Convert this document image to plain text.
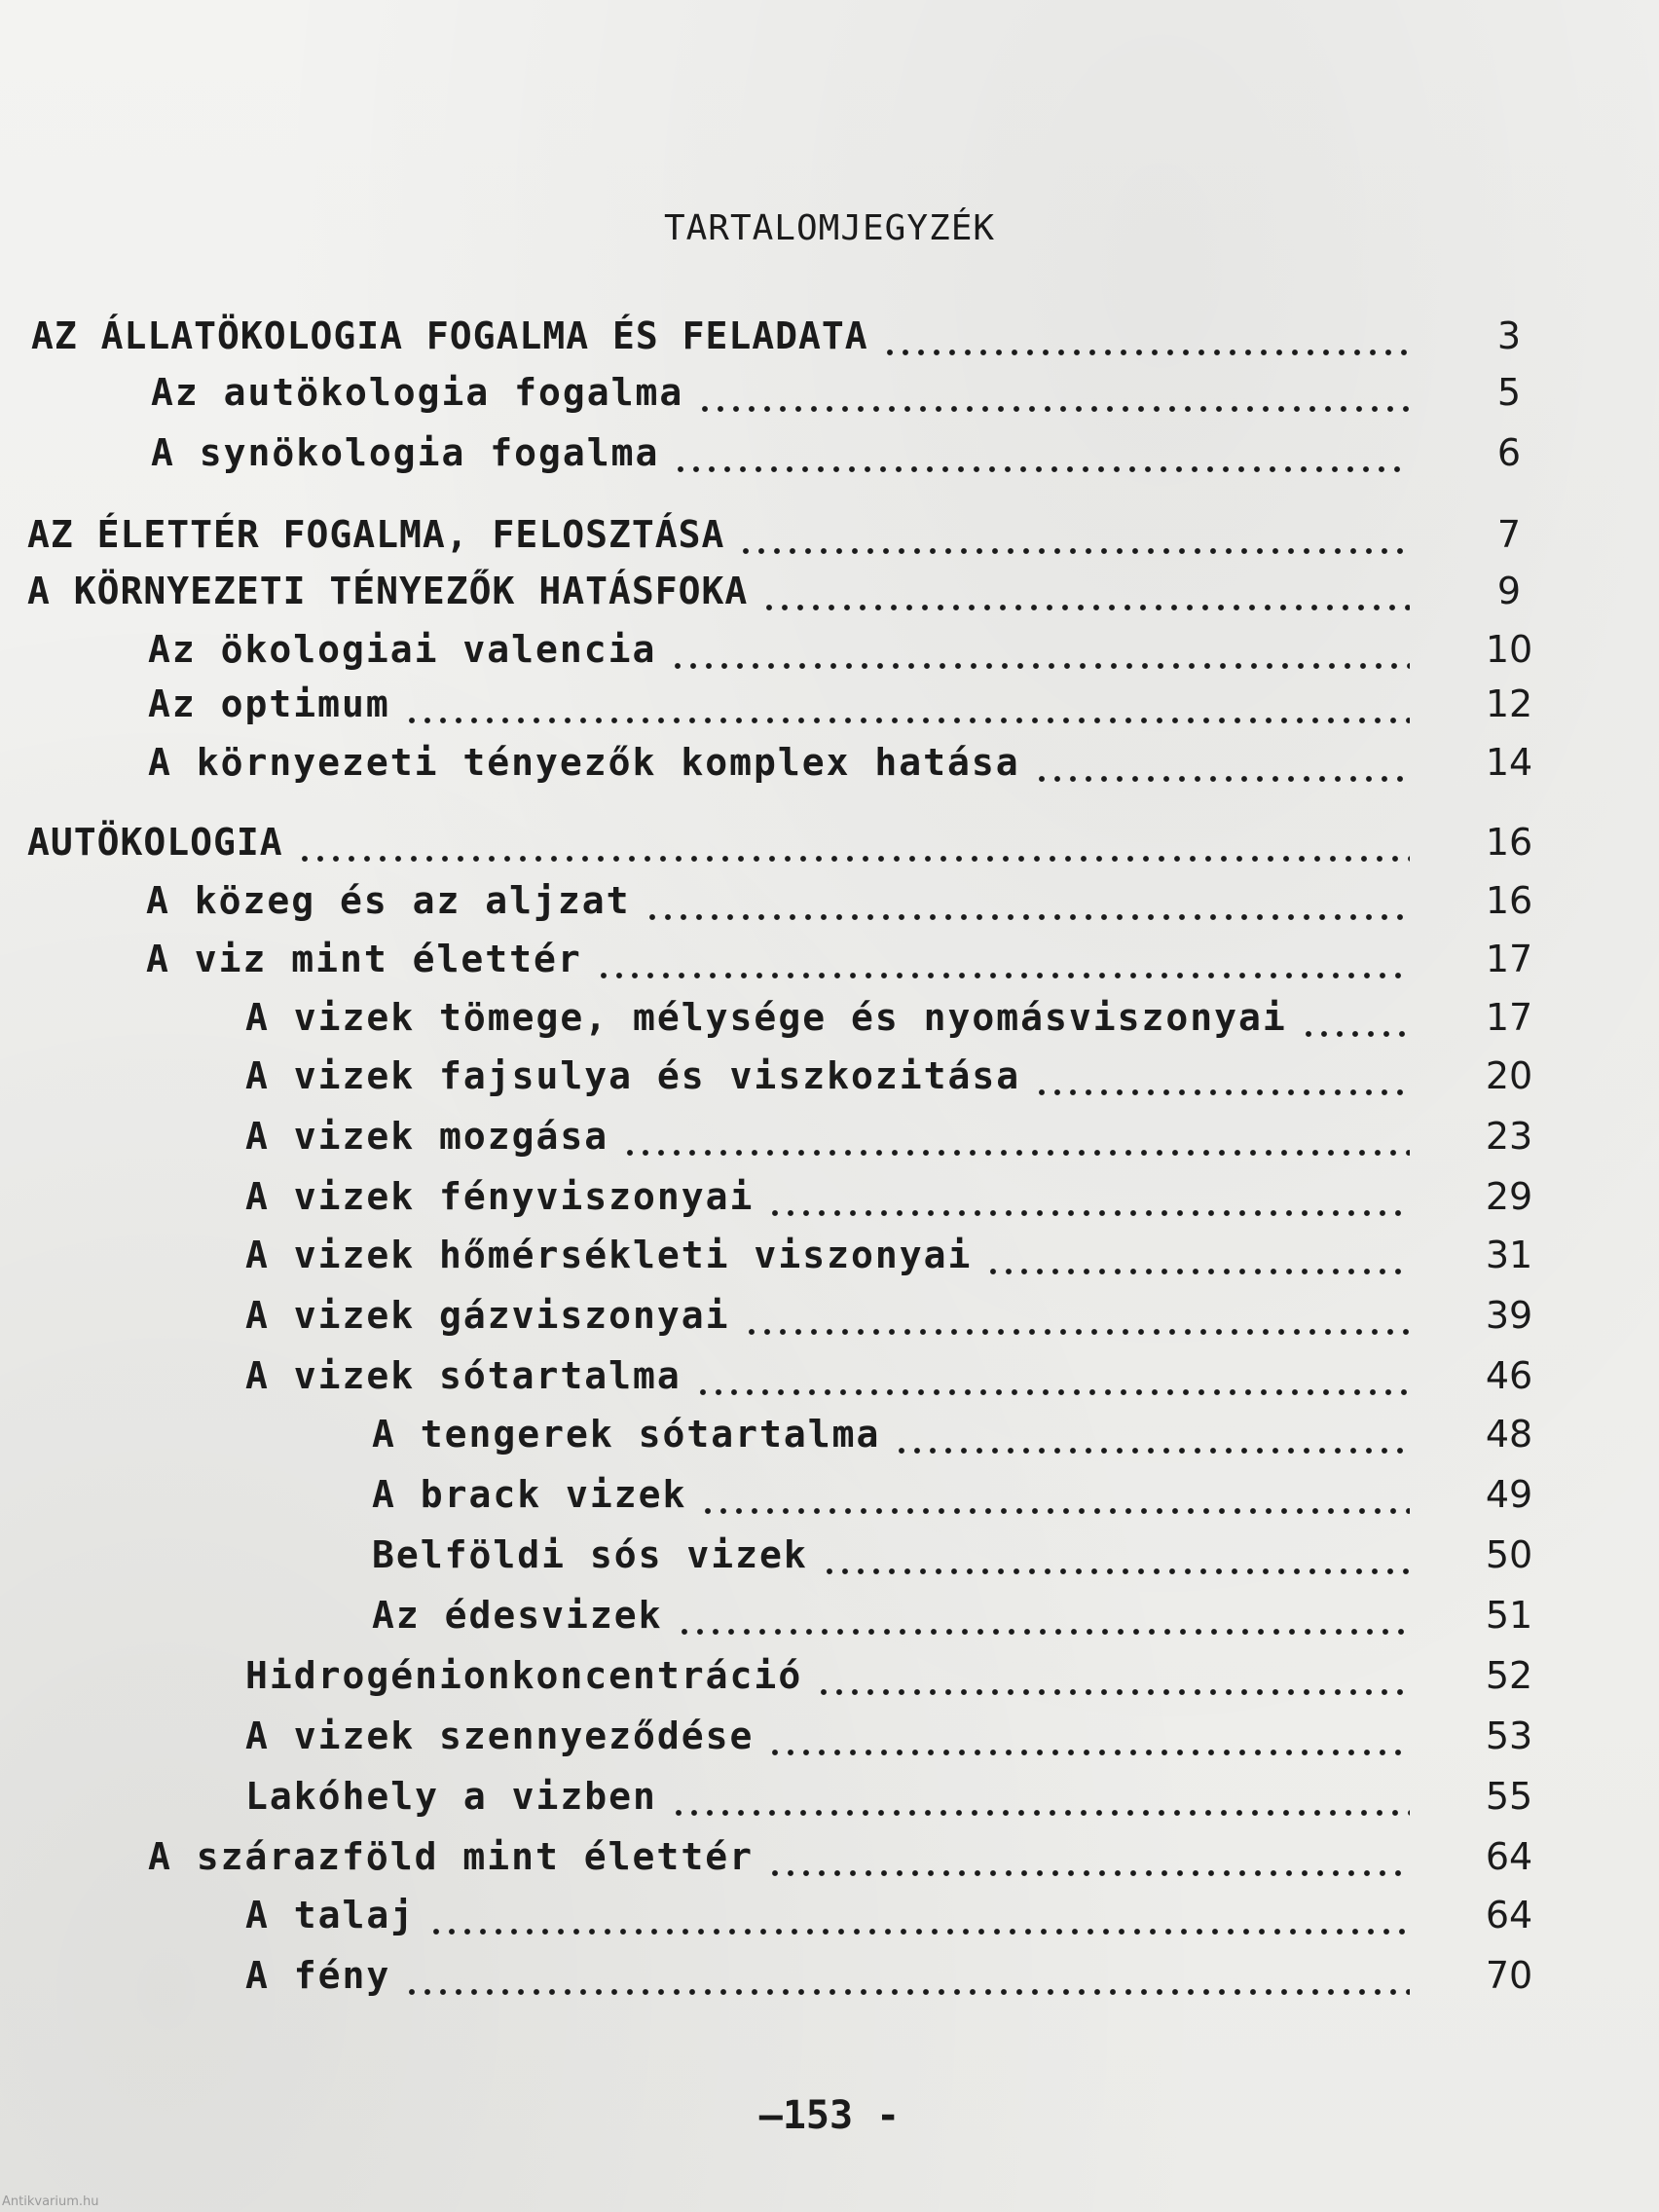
TARTALOMJEGYZÉK
AZ ÁLLATÖKOLOGIA FOGALMA ÉS FELADATA	3
Az autökologia fogalma	5
A synökologia fogalma	6
AZ ÉLETTÉR FOGALMA, FELOSZTÁSA	7
A KÖRNYEZETI TÉNYEZŐK HATÁSFOKA	9
Az ökologiai valencia	10
Az optimum	12
A környezeti tényezők komplex hatása	14
AUTÖKOLOGIA	16
A közeg és az aljzat	16
A viz mint élettér	17
A vizek tömege, mélysége és nyomásviszonyai	17
A vizek fajsulya és viszkozitása	20
A vizek mozgása	23
A vizek fényviszonyai	29
A vizek hőmérsékleti viszonyai	31
A vizek gázviszonyai	39
A vizek sótartalma	46
A tengerek sótartalma	48
A brack vizek	49
Belföldi sós vizek	50
Az édesvizek	51
Hidrogénionkoncentráció	52
A vizek szennyeződése	53
Lakóhely a vizben	55
A szárazföld mint élettér	64
A talaj	64
A fény	70
—153 -
Antikvarium.hu
